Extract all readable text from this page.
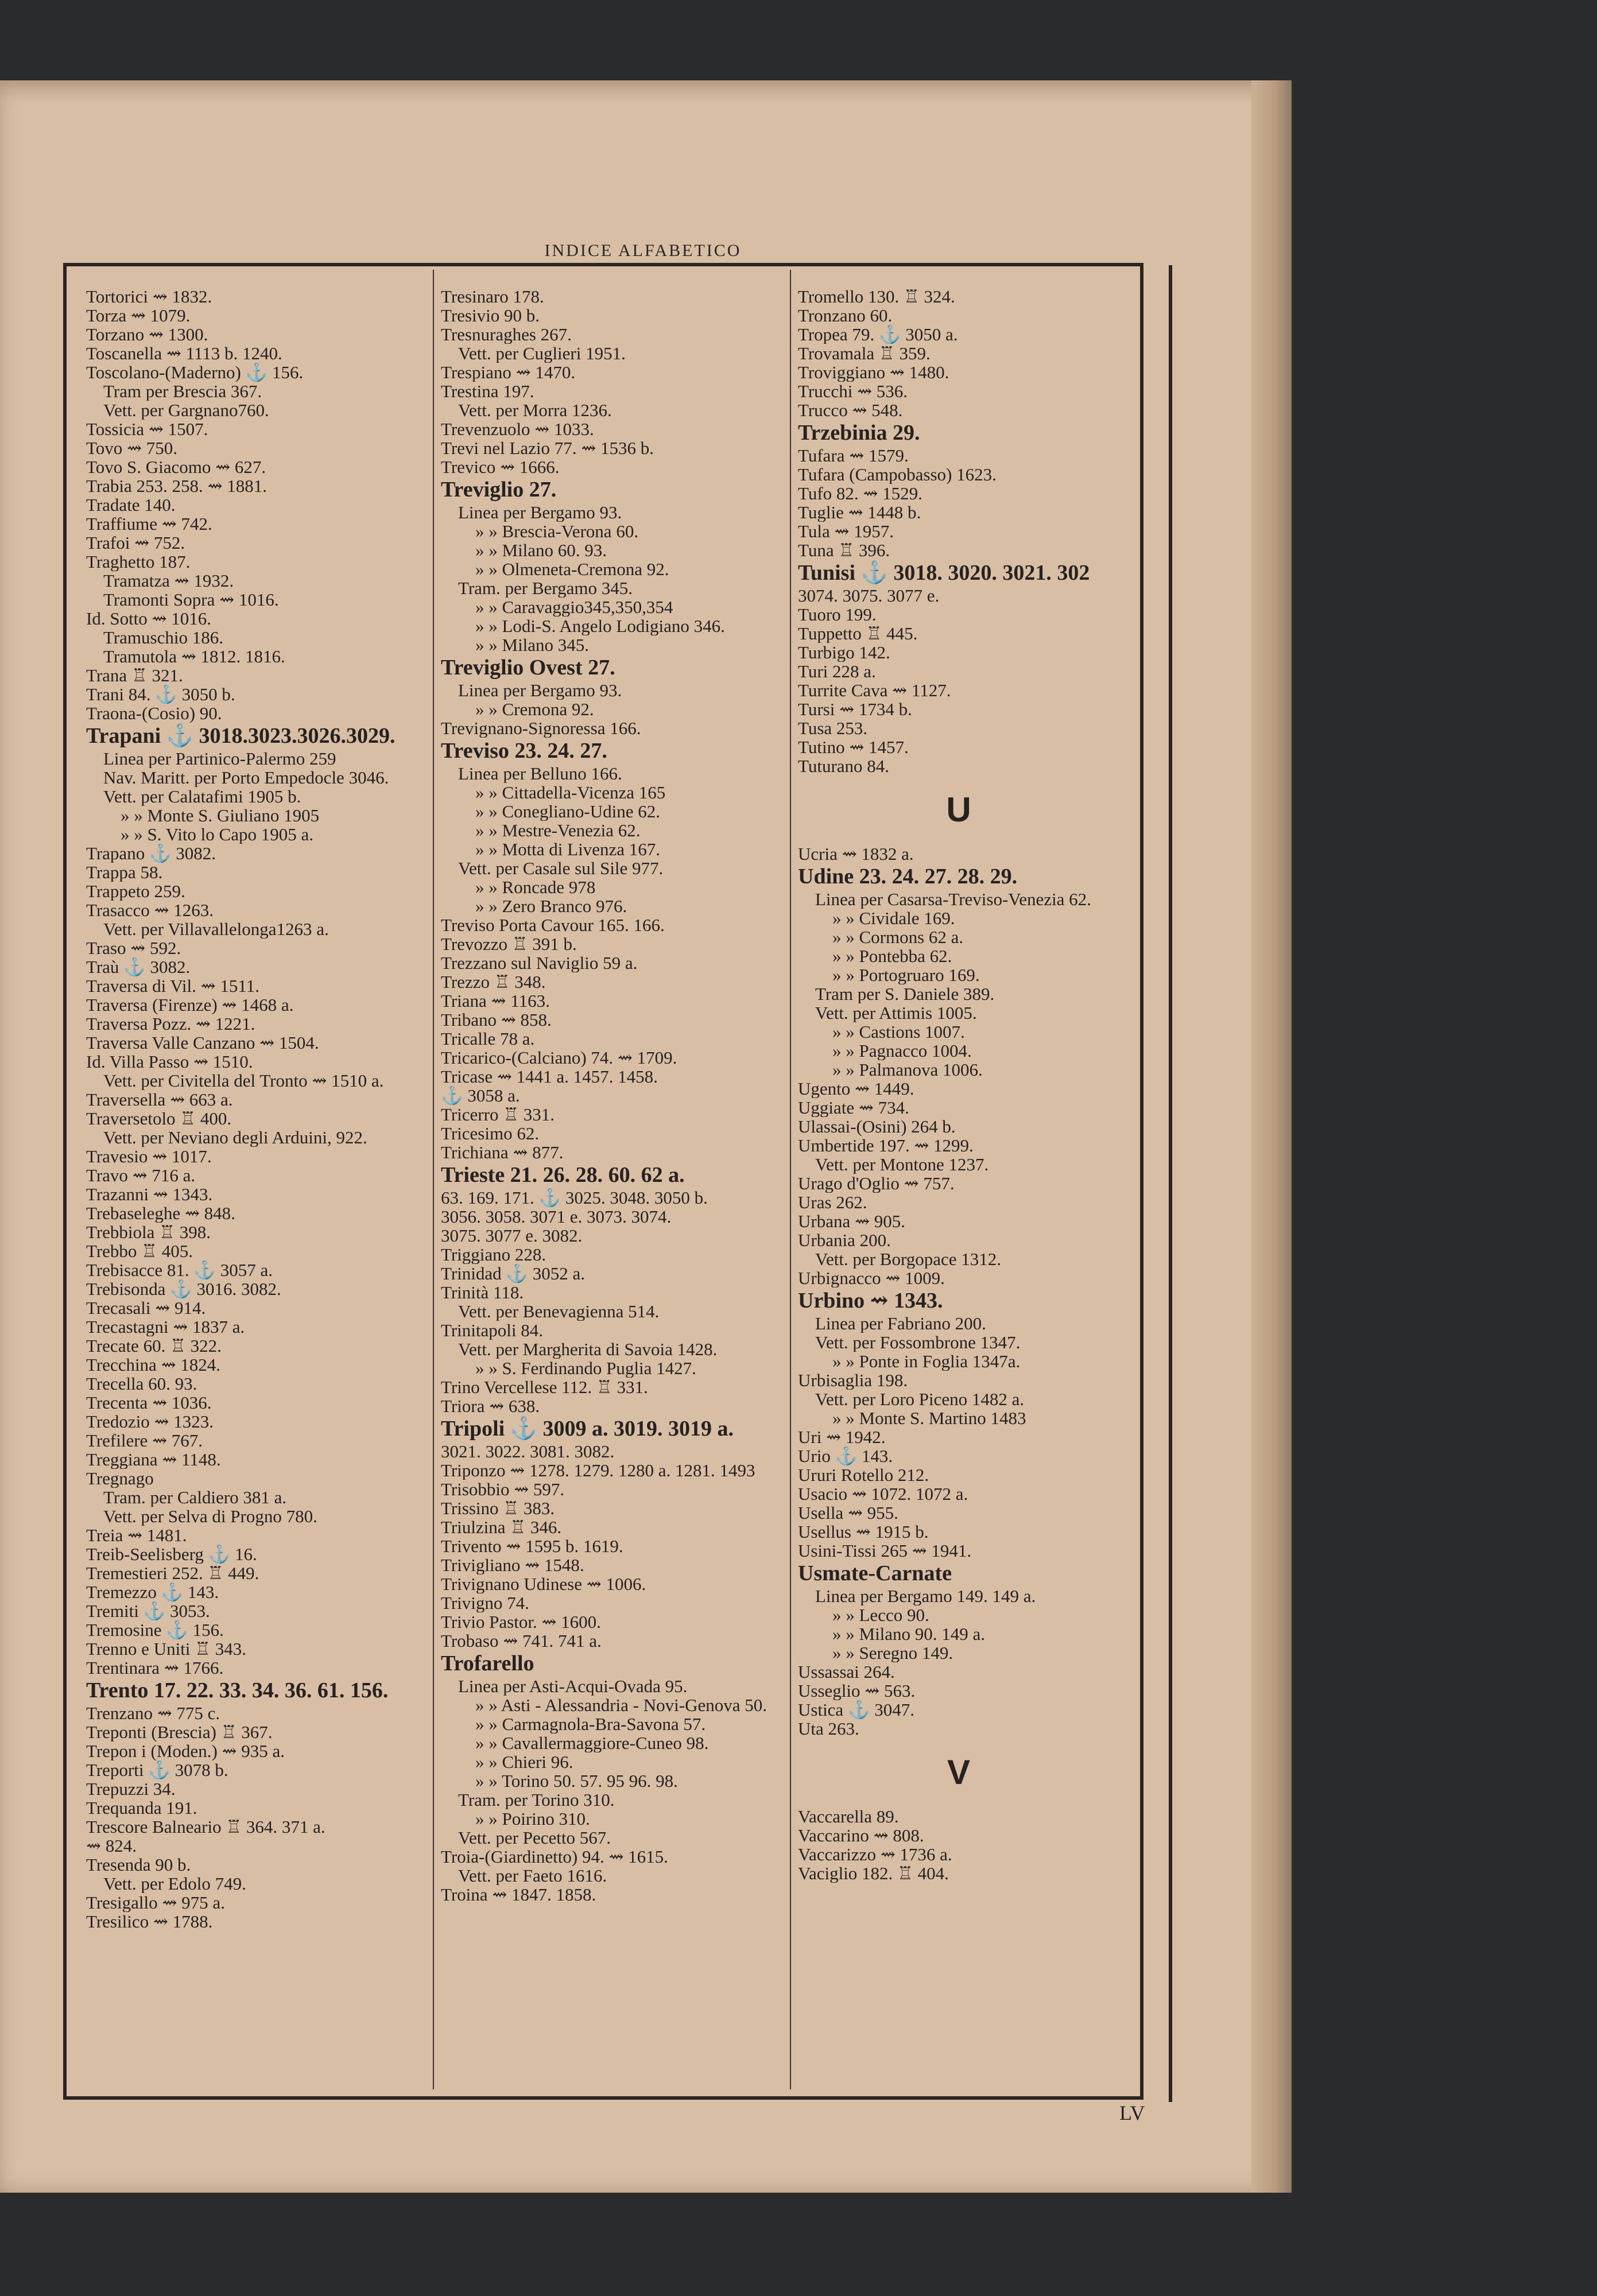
INDICE ALFABETICO
Tortorici ⇝ 1832.
Torza ⇝ 1079.
Torzano ⇝ 1300.
Toscanella ⇝ 1113 b. 1240.
Toscolano-(Maderno) ⚓ 156.
Tram per Brescia 367.
Vett. per Gargnano760.
Tossicia ⇝ 1507.
Tovo ⇝ 750.
Tovo S. Giacomo ⇝ 627.
Trabia 253. 258. ⇝ 1881.
Tradate 140.
Traffiume ⇝ 742.
Trafoi ⇝ 752.
Traghetto 187.
Tramatza ⇝ 1932.
Tramonti Sopra ⇝ 1016.
Id. Sotto ⇝ 1016.
Tramuschio 186.
Tramutola ⇝ 1812. 1816.
Trana ♖ 321.
Trani 84. ⚓ 3050 b.
Traona-(Cosio) 90.
Trapani ⚓ 3018.3023.3026.3029.
Linea per Partinico-Palermo 259
Nav. Maritt. per Porto Empedocle 3046.
Vett. per Calatafimi 1905 b.
» » Monte S. Giuliano 1905
» » S. Vito lo Capo 1905 a.
Trapano ⚓ 3082.
Trappa 58.
Trappeto 259.
Trasacco ⇝ 1263.
Vett. per Villavallelonga1263 a.
Traso ⇝ 592.
Traù ⚓ 3082.
Traversa di Vil. ⇝ 1511.
Traversa (Firenze) ⇝ 1468 a.
Traversa Pozz. ⇝ 1221.
Traversa Valle Canzano ⇝ 1504.
Id. Villa Passo ⇝ 1510.
Vett. per Civitella del Tronto ⇝ 1510 a.
Traversella ⇝ 663 a.
Traversetolo ♖ 400.
Vett. per Neviano degli Arduini, 922.
Travesio ⇝ 1017.
Travo ⇝ 716 a.
Trazanni ⇝ 1343.
Trebaseleghe ⇝ 848.
Trebbiola ♖ 398.
Trebbo ♖ 405.
Trebisacce 81. ⚓ 3057 a.
Trebisonda ⚓ 3016. 3082.
Trecasali ⇝ 914.
Trecastagni ⇝ 1837 a.
Trecate 60. ♖ 322.
Trecchina ⇝ 1824.
Trecella 60. 93.
Trecenta ⇝ 1036.
Tredozio ⇝ 1323.
Trefilere ⇝ 767.
Treggiana ⇝ 1148.
Tregnago
Tram. per Caldiero 381 a.
Vett. per Selva di Progno 780.
Treia ⇝ 1481.
Treib-Seelisberg ⚓ 16.
Tremestieri 252. ♖ 449.
Tremezzo ⚓ 143.
Tremiti ⚓ 3053.
Tremosine ⚓ 156.
Trenno e Uniti ♖ 343.
Trentinara ⇝ 1766.
Trento 17. 22. 33. 34. 36. 61. 156.
Trenzano ⇝ 775 c.
Treponti (Brescia) ♖ 367.
Trepon i (Moden.) ⇝ 935 a.
Treporti ⚓ 3078 b.
Trepuzzi 34.
Trequanda 191.
Trescore Balneario ♖ 364. 371 a.
⇝ 824.
Tresenda 90 b.
Vett. per Edolo 749.
Tresigallo ⇝ 975 a.
Tresilico ⇝ 1788.
Tresinaro 178.
Tresivio 90 b.
Tresnuraghes 267.
Vett. per Cuglieri 1951.
Trespiano ⇝ 1470.
Trestina 197.
Vett. per Morra 1236.
Trevenzuolo ⇝ 1033.
Trevi nel Lazio 77. ⇝ 1536 b.
Trevico ⇝ 1666.
Treviglio 27.
Linea per Bergamo 93.
» » Brescia-Verona 60.
» » Milano 60. 93.
» » Olmeneta-Cremona 92.
Tram. per Bergamo 345.
» » Caravaggio345,350,354
» » Lodi-S. Angelo Lodigiano 346.
» » Milano 345.
Treviglio Ovest 27.
Linea per Bergamo 93.
» » Cremona 92.
Trevignano-Signoressa 166.
Treviso 23. 24. 27.
Linea per Belluno 166.
» » Cittadella-Vicenza 165
» » Conegliano-Udine 62.
» » Mestre-Venezia 62.
» » Motta di Livenza 167.
Vett. per Casale sul Sile 977.
» » Roncade 978
» » Zero Branco 976.
Treviso Porta Cavour 165. 166.
Trevozzo ♖ 391 b.
Trezzano sul Naviglio 59 a.
Trezzo ♖ 348.
Triana ⇝ 1163.
Tribano ⇝ 858.
Tricalle 78 a.
Tricarico-(Calciano) 74. ⇝ 1709.
Tricase ⇝ 1441 a. 1457. 1458.
⚓ 3058 a.
Tricerro ♖ 331.
Tricesimo 62.
Trichiana ⇝ 877.
Trieste 21. 26. 28. 60. 62 a.
63. 169. 171. ⚓ 3025. 3048. 3050 b.
3056. 3058. 3071 e. 3073. 3074.
3075. 3077 e. 3082.
Triggiano 228.
Trinidad ⚓ 3052 a.
Trinità 118.
Vett. per Benevagienna 514.
Trinitapoli 84.
Vett. per Margherita di Savoia 1428.
» » S. Ferdinando Puglia 1427.
Trino Vercellese 112. ♖ 331.
Triora ⇝ 638.
Tripoli ⚓ 3009 a. 3019. 3019 a.
3021. 3022. 3081. 3082.
Triponzo ⇝ 1278. 1279. 1280 a. 1281. 1493
Trisobbio ⇝ 597.
Trissino ♖ 383.
Triulzina ♖ 346.
Trivento ⇝ 1595 b. 1619.
Trivigliano ⇝ 1548.
Trivignano Udinese ⇝ 1006.
Trivigno 74.
Trivio Pastor. ⇝ 1600.
Trobaso ⇝ 741. 741 a.
Trofarello
Linea per Asti-Acqui-Ovada 95.
» » Asti - Alessandria - Novi-Genova 50.
» » Carmagnola-Bra-Savona 57.
» » Cavallermaggiore-Cuneo 98.
» » Chieri 96.
» » Torino 50. 57. 95 96. 98.
Tram. per Torino 310.
» » Poirino 310.
Vett. per Pecetto 567.
Troia-(Giardinetto) 94. ⇝ 1615.
Vett. per Faeto 1616.
Troina ⇝ 1847. 1858.
Tromello 130. ♖ 324.
Tronzano 60.
Tropea 79. ⚓ 3050 a.
Trovamala ♖ 359.
Troviggiano ⇝ 1480.
Trucchi ⇝ 536.
Trucco ⇝ 548.
Trzebinia 29.
Tufara ⇝ 1579.
Tufara (Campobasso) 1623.
Tufo 82. ⇝ 1529.
Tuglie ⇝ 1448 b.
Tula ⇝ 1957.
Tuna ♖ 396.
Tunisi ⚓ 3018. 3020. 3021. 302
3074. 3075. 3077 e.
Tuoro 199.
Tuppetto ♖ 445.
Turbigo 142.
Turi 228 a.
Turrite Cava ⇝ 1127.
Tursi ⇝ 1734 b.
Tusa 253.
Tutino ⇝ 1457.
Tuturano 84.
U
Ucria ⇝ 1832 a.
Udine 23. 24. 27. 28. 29.
Linea per Casarsa-Treviso-Venezia 62.
» » Cividale 169.
» » Cormons 62 a.
» » Pontebba 62.
» » Portogruaro 169.
Tram per S. Daniele 389.
Vett. per Attimis 1005.
» » Castions 1007.
» » Pagnacco 1004.
» » Palmanova 1006.
Ugento ⇝ 1449.
Uggiate ⇝ 734.
Ulassai-(Osini) 264 b.
Umbertide 197. ⇝ 1299.
Vett. per Montone 1237.
Urago d'Oglio ⇝ 757.
Uras 262.
Urbana ⇝ 905.
Urbania 200.
Vett. per Borgopace 1312.
Urbignacco ⇝ 1009.
Urbino ⇝ 1343.
Linea per Fabriano 200.
Vett. per Fossombrone 1347.
» » Ponte in Foglia 1347a.
Urbisaglia 198.
Vett. per Loro Piceno 1482 a.
» » Monte S. Martino 1483
Uri ⇝ 1942.
Urio ⚓ 143.
Ururi Rotello 212.
Usacio ⇝ 1072. 1072 a.
Usella ⇝ 955.
Usellus ⇝ 1915 b.
Usini-Tissi 265 ⇝ 1941.
Usmate-Carnate
Linea per Bergamo 149. 149 a.
» » Lecco 90.
» » Milano 90. 149 a.
» » Seregno 149.
Ussassai 264.
Usseglio ⇝ 563.
Ustica ⚓ 3047.
Uta 263.
V
Vaccarella 89.
Vaccarino ⇝ 808.
Vaccarizzo ⇝ 1736 a.
Vaciglio 182. ♖ 404.
LV
